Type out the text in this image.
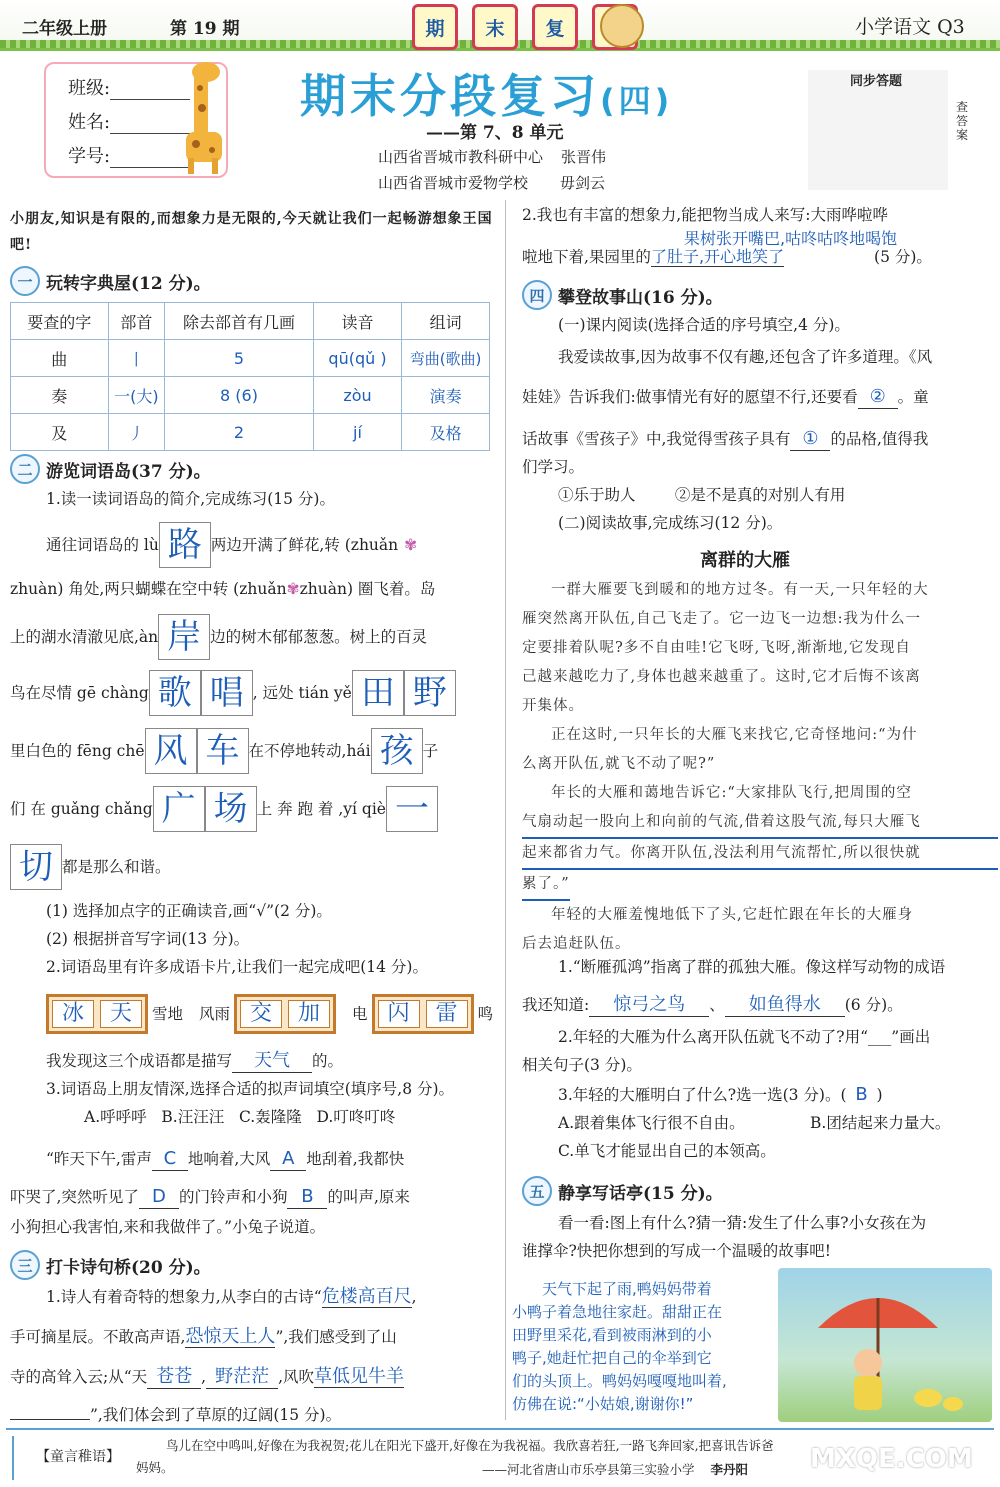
二年级上册	第 19 期	期	末	复	小学语文 Q3
班级:
姓名:
学号:
期末分段复习(四)
——第 7、8 单元
山西省晋城市教科研中心 张晋伟
山西省晋城市爱物学校 毋剑云
同步答题
查答案
小朋友,知识是有限的,而想象力是无限的,今天就让我们一起畅游想象王国吧!
一 玩转字典屋(12 分)。
要查的字	部首	除去部首有几画	读音	组词
曲	丨	5	qū(qǔ )	弯曲(歌曲)
奏	一(大)	8 (6)	zòu	演奏
及	丿	2	jí	及格
二 游览词语岛(37 分)。
1.读一读词语岛的简介,完成练习(15 分)。
通往词语岛的 lù 路 两边开满了鲜花,转 (zhuǎn ✾
zhuàn) 角处,两只蝴蝶在空中转 (zhuǎn✾zhuàn) 圈飞着。岛
上的湖水清澈见底,àn 岸 边的树木郁郁葱葱。树上的百灵
鸟在尽情 gē chàng 歌 唱 , 远处 tián yě 田 野
里白色的 fēng chē 风 车 在不停地转动,hái 孩 子
们 在 guǎng chǎng 广 场 上 奔 跑 着 ,yí qiè 一
切 都是那么和谐。
(1) 选择加点字的正确读音,画“√”(2 分)。
(2) 根据拼音写字词(13 分)。
2.词语岛里有许多成语卡片,让我们一起完成吧(14 分)。
冰	天	雪地 风雨 交	加	电 闪	雷	鸣
我发现这三个成语都是描写 天气 的。
3.词语岛上朋友情深,选择合适的拟声词填空(填序号,8 分)。
A.呼呼呼   B.汪汪汪   C.轰隆隆   D.叮咚叮咚
“昨天下午,雷声 C 地响着,大风 A 地刮着,我都快
吓哭了,突然听见了 D 的门铃声和小狗 B 的叫声,原来
小狗担心我害怕,来和我做伴了。”小兔子说道。
三 打卡诗句桥(20 分)。
1.诗人有着奇特的想象力,从李白的古诗“危楼高百尺,
手可摘星辰。不敢高声语,恐惊天上人”,我们感受到了山
寺的高耸入云;从“天 苍苍 , 野茫茫 ,风吹草低见牛羊
”,我们体会到了草原的辽阔(15 分)。
2.我也有丰富的想象力,能把物当成人来写:大雨哗啦哗
果树张开嘴巴,咕咚咕咚地喝饱
啦地下着,果园里的了肚子,开心地笑了	(5 分)。
四 攀登故事山(16 分)。
(一)课内阅读(选择合适的序号填空,4 分)。
我爱读故事,因为故事不仅有趣,还包含了许多道理。《风
娃娃》告诉我们:做事情光有好的愿望不行,还要看 ② 。童
话故事《雪孩子》中,我觉得雪孩子具有 ① 的品格,值得我
们学习。
①乐于助人        ②是不是真的对别人有用
(二)阅读故事,完成练习(12 分)。
离群的大雁
一群大雁要飞到暖和的地方过冬。有一天,一只年轻的大
雁突然离开队伍,自己飞走了。它一边飞一边想:我为什么一
定要排着队呢?多不自由哇!它飞呀,飞呀,渐渐地,它发现自
己越来越吃力了,身体也越来越重了。这时,它才后悔不该离
开集体。
正在这时,一只年长的大雁飞来找它,它奇怪地问:“为什
么离开队伍,就飞不动了呢?”
年长的大雁和蔼地告诉它:“大家排队飞行,把周围的空
气扇动起一股向上和向前的气流,借着这股气流,每只大雁飞
起来都省力气。你离开队伍,没法利用气流帮忙,所以很快就
累了。”
年轻的大雁羞愧地低下了头,它赶忙跟在年长的大雁身
后去追赶队伍。
1.“断雁孤鸿”指离了群的孤独大雁。像这样写动物的成语
我还知道: 惊弓之鸟 、 如鱼得水 (6 分)。
2.年轻的大雁为什么离开队伍就飞不动了?用“___”画出
相关句子(3 分)。
3.年轻的大雁明白了什么?选一选(3 分)。( B )
A.跟着集体飞行很不自由。	B.团结起来力量大。
C.单飞才能显出自己的本领高。
五 静享写话亭(15 分)。
看一看:图上有什么?猜一猜:发生了什么事?小女孩在为
谁撑伞?快把你想到的写成一个温暖的故事吧!
天气下起了雨,鸭妈妈带着
小鸭子着急地往家赶。甜甜正在
田野里采花,看到被雨淋到的小
鸭子,她赶忙把自己的伞举到它
们的头顶上。鸭妈妈嘎嘎地叫着,
仿佛在说:“小姑娘,谢谢你!”
【童言稚语】
鸟儿在空中鸣叫,好像在为我祝贺;花儿在阳光下盛开,好像在为我祝福。我欣喜若狂,一路飞奔回家,把喜讯告诉爸
妈妈。	——河北省唐山市乐亭县第三实验小学 李丹阳 MXQE.COM
